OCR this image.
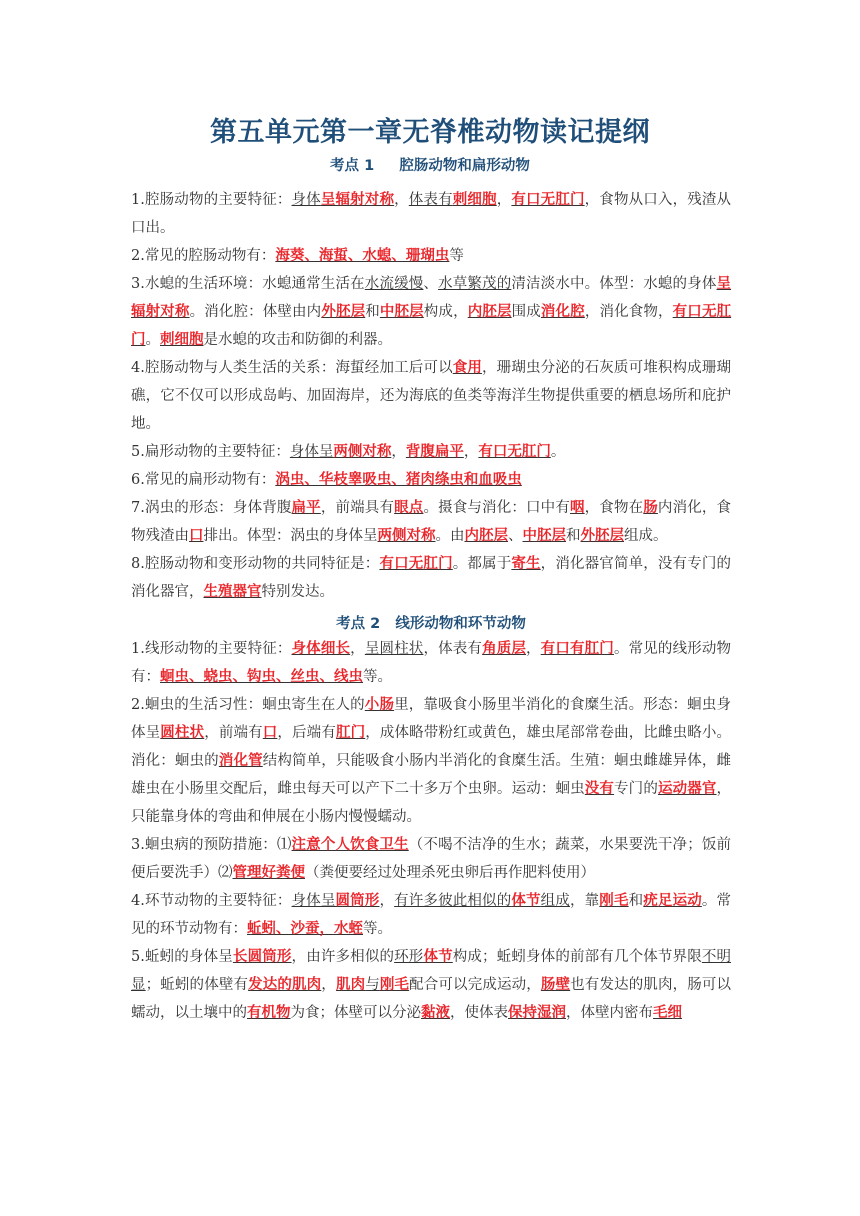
第五单元第一章无脊椎动物读记提纲
考点 1     腔肠动物和扁形动物

1.腔肠动物的主要特征：身体呈辐射对称，体表有刺细胞，有口无肛门，食物从口入，残渣从口出。

2.常见的腔肠动物有：海葵、海蜇、水螅、珊瑚虫等

3.水螅的生活环境：水螅通常生活在水流缓慢、水草繁茂的清洁淡水中。体型：水螅的身体呈辐射对称。消化腔：体壁由内外胚层和中胚层构成，内胚层围成消化腔，消化食物，有口无肛门。刺细胞是水螅的攻击和防御的利器。

4.腔肠动物与人类生活的关系：海蜇经加工后可以食用，珊瑚虫分泌的石灰质可堆积构成珊瑚礁，它不仅可以形成岛屿、加固海岸，还为海底的鱼类等海洋生物提供重要的栖息场所和庇护地。

5.扁形动物的主要特征：身体呈两侧对称，背腹扁平，有口无肛门。

6.常见的扁形动物有：涡虫、华枝睾吸虫、猪肉绦虫和血吸虫

7.涡虫的形态：身体背腹扁平，前端具有眼点。摄食与消化：口中有咽，食物在肠内消化，食物残渣由口排出。体型：涡虫的身体呈两侧对称。由内胚层、中胚层和外胚层组成。

8.腔肠动物和变形动物的共同特征是：有口无肛门。都属于寄生，消化器官简单，没有专门的消化器官，生殖器官特别发达。

考点 2   线形动物和环节动物

1.线形动物的主要特征：身体细长，呈圆柱状，体表有角质层，有口有肛门。常见的线形动物有：蛔虫、蛲虫、钩虫、丝虫、线虫等。

2.蛔虫的生活习性：蛔虫寄生在人的小肠里，靠吸食小肠里半消化的食糜生活。形态：蛔虫身体呈圆柱状，前端有口，后端有肛门，成体略带粉红或黄色，雄虫尾部常卷曲，比雌虫略小。消化：蛔虫的消化管结构简单，只能吸食小肠内半消化的食糜生活。生殖：蛔虫雌雄异体，雌雄虫在小肠里交配后，雌虫每天可以产下二十多万个虫卵。运动：蛔虫没有专门的运动器官，只能靠身体的弯曲和伸展在小肠内慢慢蠕动。

3.蛔虫病的预防措施：⑴注意个人饮食卫生（不喝不洁净的生水；蔬菜，水果要洗干净；饭前便后要洗手）⑵管理好粪便（粪便要经过处理杀死虫卵后再作肥料使用）

4.环节动物的主要特征：身体呈圆筒形，有许多彼此相似的体节组成，靠刚毛和疣足运动。常见的环节动物有：蚯蚓、沙蚕，水蛭等。

5.蚯蚓的身体呈长圆筒形，由许多相似的环形体节构成；蚯蚓身体的前部有几个体节界限不明显；蚯蚓的体壁有发达的肌肉，肌肉与刚毛配合可以完成运动，肠壁也有发达的肌肉，肠可以蠕动，以土壤中的有机物为食；体壁可以分泌黏液，使体表保持湿润，体壁内密布毛细
